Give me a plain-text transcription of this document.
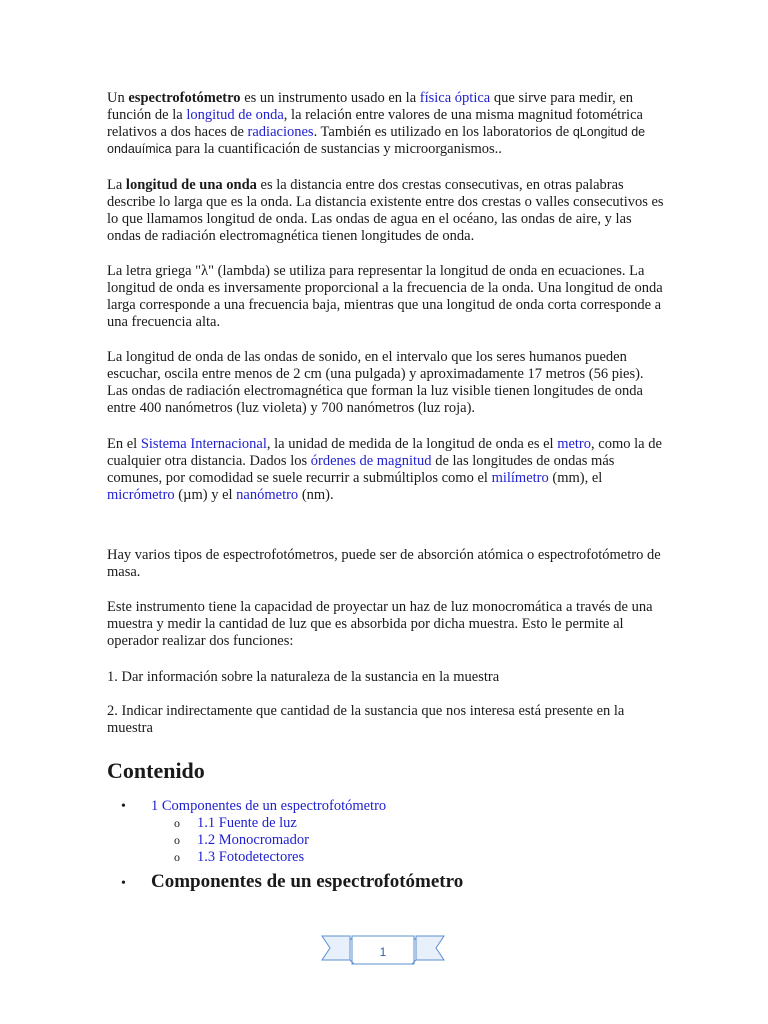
Un espectrofotómetro es un instrumento usado en la física óptica que sirve para medir, en función de la longitud de onda, la relación entre valores de una misma magnitud fotométrica relativos a dos haces de radiaciones. También es utilizado en los laboratorios de qLongitud de ondauímica para la cuantificación de sustancias y microorganismos..

La longitud de una onda es la distancia entre dos crestas consecutivas, en otras palabras describe lo larga que es la onda. La distancia existente entre dos crestas o valles consecutivos es lo que llamamos longitud de onda. Las ondas de agua en el océano, las ondas de aire, y las ondas de radiación electromagnética tienen longitudes de onda.

La letra griega "λ" (lambda) se utiliza para representar la longitud de onda en ecuaciones. La longitud de onda es inversamente proporcional a la frecuencia de la onda. Una longitud de onda larga corresponde a una frecuencia baja, mientras que una longitud de onda corta corresponde a una frecuencia alta.

La longitud de onda de las ondas de sonido, en el intervalo que los seres humanos pueden escuchar, oscila entre menos de 2 cm (una pulgada) y aproximadamente 17 metros (56 pies). Las ondas de radiación electromagnética que forman la luz visible tienen longitudes de onda entre 400 nanómetros (luz violeta) y 700 nanómetros (luz roja).

En el Sistema Internacional, la unidad de medida de la longitud de onda es el metro, como la de cualquier otra distancia. Dados los órdenes de magnitud de las longitudes de ondas más comunes, por comodidad se suele recurrir a submúltiplos como el milímetro (mm), el micrómetro (µm) y el nanómetro (nm).

Hay varios tipos de espectrofotómetros, puede ser de absorción atómica o espectrofotómetro de masa.

Este instrumento tiene la capacidad de proyectar un haz de luz monocromática a través de una muestra y medir la cantidad de luz que es absorbida por dicha muestra. Esto le permite al operador realizar dos funciones:

1. Dar información sobre la naturaleza de la sustancia en la muestra

2. Indicar indirectamente que cantidad de la sustancia que nos interesa está presente en la muestra

Contenido
• 1 Componentes de un espectrofotómetro
o 1.1 Fuente de luz
o 1.2 Monocromador
o 1.3 Fotodetectores
• Componentes de un espectrofotómetro
1
